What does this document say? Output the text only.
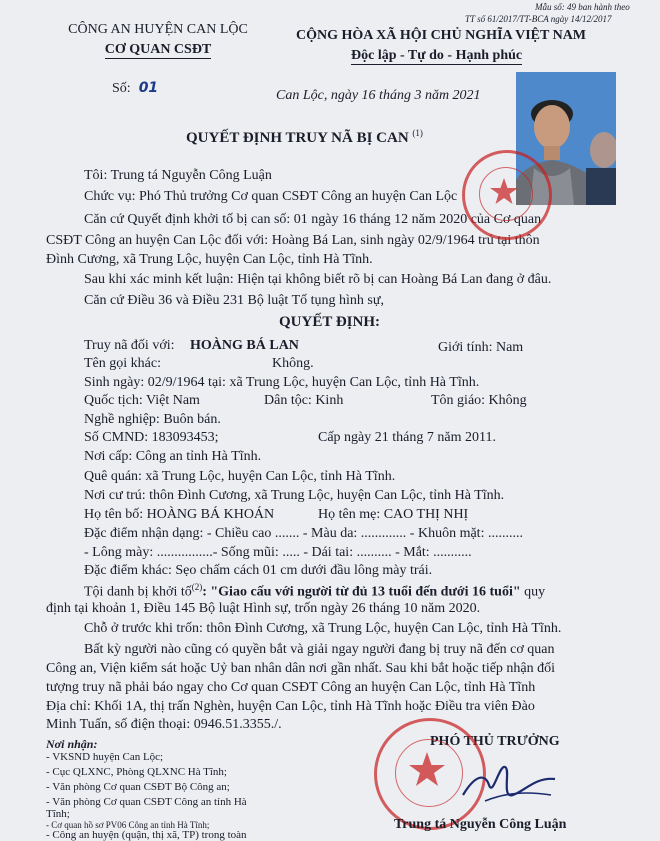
CÔNG AN HUYỆN CAN LỘC
CƠ QUAN CSĐT
Mẫu số: 49 ban hành theo
TT số 61/2017/TT-BCA ngày 14/12/2017
CỘNG HÒA XÃ HỘI CHỦ NGHĨA VIỆT NAM
Độc lập - Tự do - Hạnh phúc
Số: 01	Can Lộc, ngày 16 tháng 3 năm 2021
QUYẾT ĐỊNH TRUY NÃ BỊ CAN $^{(1)}$
Tôi: Trung tá Nguyễn Công Luận
Chức vụ: Phó Thủ trưởng Cơ quan CSĐT Công an huyện Can Lộc
Căn cứ Quyết định khởi tố bị can số: 01 ngày 16 tháng 12 năm 2020 của Cơ quan
CSĐT Công an huyện Can Lộc đối với: Hoàng Bá Lan, sinh ngày 02/9/1964 trú tại thôn
Đình Cương, xã Trung Lộc, huyện Can Lộc, tỉnh Hà Tĩnh.
Sau khi xác minh kết luận: Hiện tại không biết rõ bị can Hoàng Bá Lan đang ở đâu.
Căn cứ Điều 36 và Điều 231 Bộ luật Tố tụng hình sự,
QUYẾT ĐỊNH:
Truy nã đối với: HOÀNG BÁ LAN	Giới tính: Nam
Tên gọi khác:	Không.
Sinh ngày: 02/9/1964 tại: xã Trung Lộc, huyện Can Lộc, tỉnh Hà Tĩnh.
Quốc tịch: Việt Nam	Dân tộc: Kinh	Tôn giáo: Không
Nghề nghiệp: Buôn bán.
Số CMND: 183093453;	Cấp ngày 21 tháng 7 năm 2011.
Nơi cấp: Công an tỉnh Hà Tĩnh.
Quê quán: xã Trung Lộc, huyện Can Lộc, tỉnh Hà Tĩnh.
Nơi cư trú: thôn Đình Cương, xã Trung Lộc, huyện Can Lộc, tỉnh Hà Tĩnh.
Họ tên bố: HOÀNG BÁ KHOÁN	Họ tên mẹ: CAO THỊ NHỊ
Đặc điểm nhận dạng: - Chiều cao ....... - Màu da: ............. - Khuôn mặt: ..........
- Lông mày: ................- Sống mũi: ..... - Dái tai: .......... - Mắt: ...........
Đặc điểm khác: Sẹo chấm cách 01 cm dưới đầu lông mày trái.
Tội danh bị khởi tố$^{(2)}$: "Giao cấu với người từ đủ 13 tuổi đến dưới 16 tuổi" quy
định tại khoản 1, Điều 145 Bộ luật Hình sự, trốn ngày 26 tháng 10 năm 2020.
Chỗ ở trước khi trốn: thôn Đình Cương, xã Trung Lộc, huyện Can Lộc, tỉnh Hà Tĩnh.
Bất kỳ người nào cũng có quyền bắt và giải ngay người đang bị truy nã đến cơ quan
Công an, Viện kiểm sát hoặc Uỷ ban nhân dân nơi gần nhất. Sau khi bắt hoặc tiếp nhận đối
tượng truy nã phải báo ngay cho Cơ quan CSĐT Công an huyện Can Lộc, tỉnh Hà Tĩnh
Địa chỉ: Khối 1A, thị trấn Nghèn, huyện Can Lộc, tỉnh Hà Tĩnh hoặc Điều tra viên Đào
Minh Tuấn, số điện thoại: 0946.51.3355./.
Nơi nhận:
- VKSND huyện Can Lộc;
- Cục QLXNC, Phòng QLXNC Hà Tĩnh;
- Văn phòng Cơ quan CSĐT Bộ Công an;
- Văn phòng Cơ quan CSĐT Công an tỉnh Hà
Tĩnh;
- Cơ quan hồ sơ PV06 Công an tỉnh Hà Tĩnh;
- Công an huyện (quận, thị xã, TP) trong toàn
PHÓ THỦ TRƯỞNG
Trung tá Nguyễn Công Luận
